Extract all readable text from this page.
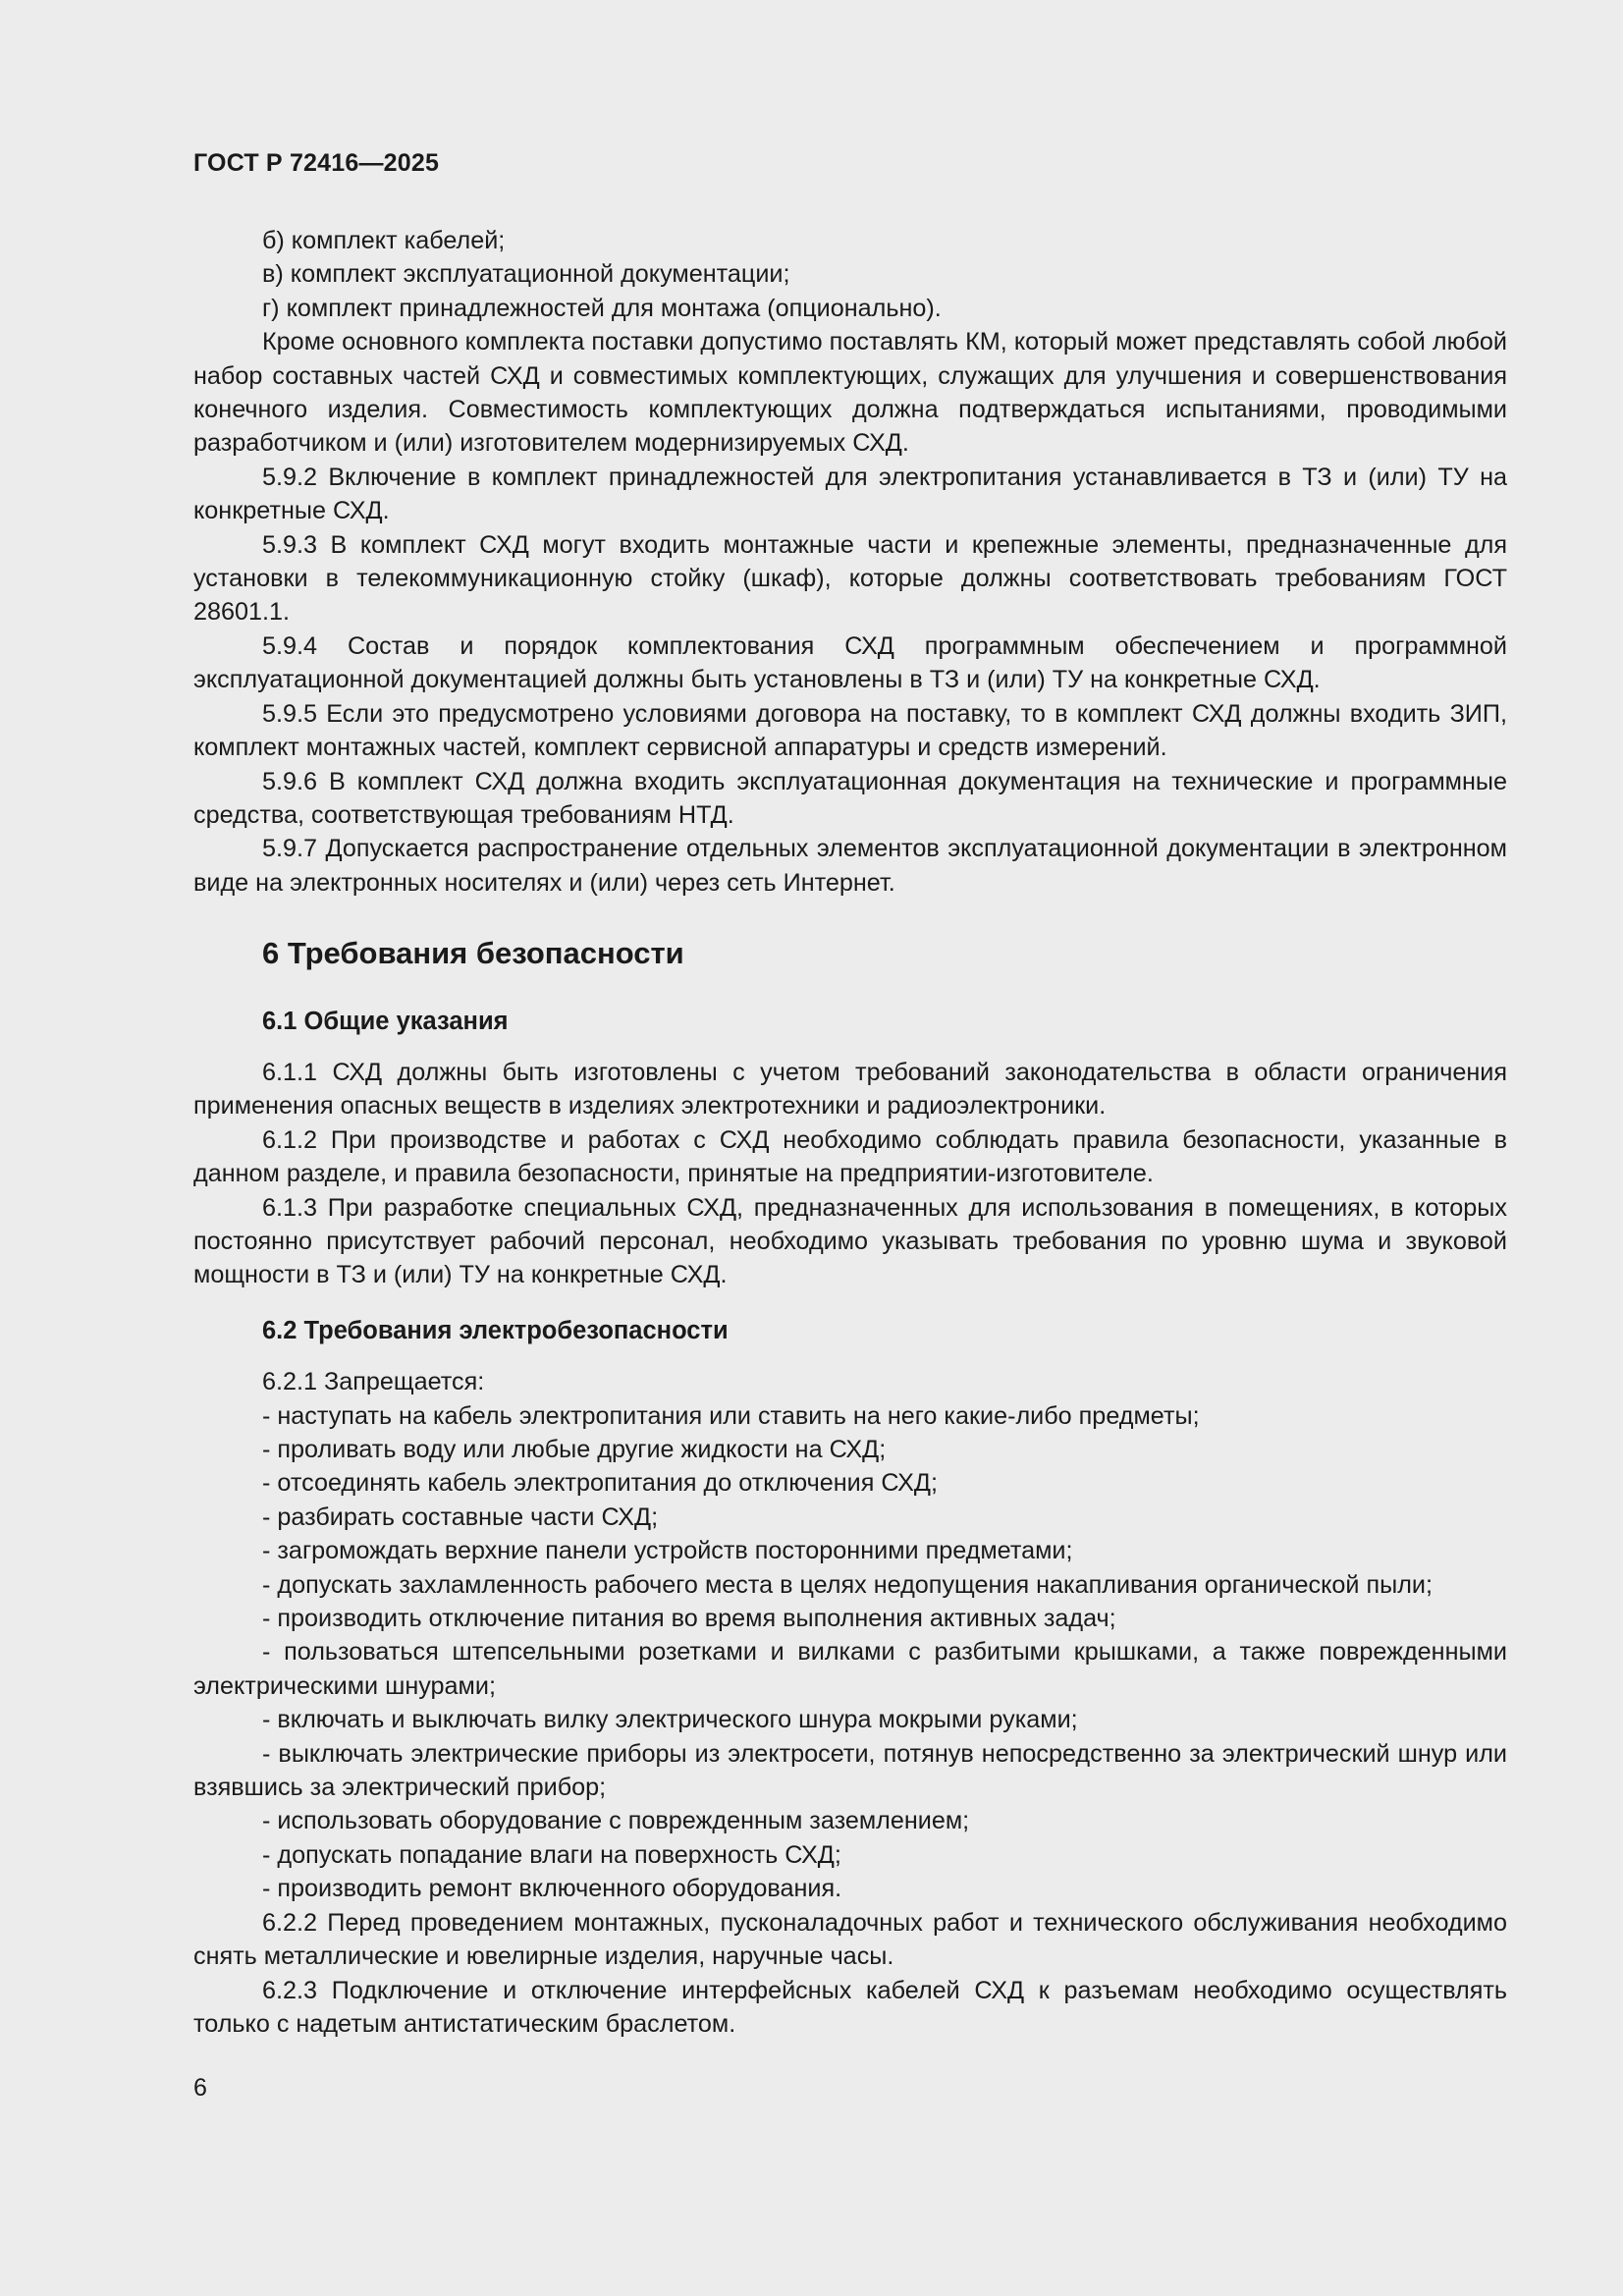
ГОСТ Р 72416—2025

б) комплект кабелей;

в) комплект эксплуатационной документации;

г) комплект принадлежностей для монтажа (опционально).

Кроме основного комплекта поставки допустимо поставлять КМ, который может представлять собой любой набор составных частей СХД и совместимых комплектующих, служащих для улучшения и совершенствования конечного изделия. Совместимость комплектующих должна подтверждаться испытаниями, проводимыми разработчиком и (или) изготовителем модернизируемых СХД.

5.9.2 Включение в комплект принадлежностей для электропитания устанавливается в ТЗ и (или) ТУ на конкретные СХД.

5.9.3 В комплект СХД могут входить монтажные части и крепежные элементы, предназначенные для установки в телекоммуникационную стойку (шкаф), которые должны соответствовать требованиям ГОСТ 28601.1.

5.9.4 Состав и порядок комплектования СХД программным обеспечением и программной эксплуатационной документацией должны быть установлены в ТЗ и (или) ТУ на конкретные СХД.

5.9.5 Если это предусмотрено условиями договора на поставку, то в комплект СХД должны входить ЗИП, комплект монтажных частей, комплект сервисной аппаратуры и средств измерений.

5.9.6 В комплект СХД должна входить эксплуатационная документация на технические и программные средства, соответствующая требованиям НТД.

5.9.7 Допускается распространение отдельных элементов эксплуатационной документации в электронном виде на электронных носителях и (или) через сеть Интернет.

6 Требования безопасности
6.1 Общие указания

6.1.1 СХД должны быть изготовлены с учетом требований законодательства в области ограничения применения опасных веществ в изделиях электротехники и радиоэлектроники.

6.1.2 При производстве и работах с СХД необходимо соблюдать правила безопасности, указанные в данном разделе, и правила безопасности, принятые на предприятии-изготовителе.

6.1.3 При разработке специальных СХД, предназначенных для использования в помещениях, в которых постоянно присутствует рабочий персонал, необходимо указывать требования по уровню шума и звуковой мощности в ТЗ и (или) ТУ на конкретные СХД.

6.2 Требования электробезопасности

6.2.1 Запрещается:

- наступать на кабель электропитания или ставить на него какие-либо предметы;

- проливать воду или любые другие жидкости на СХД;

- отсоединять кабель электропитания до отключения СХД;

- разбирать составные части СХД;

- загромождать верхние панели устройств посторонними предметами;

- допускать захламленность рабочего места в целях недопущения накапливания органической пыли;

- производить отключение питания во время выполнения активных задач;

- пользоваться штепсельными розетками и вилками с разбитыми крышками, а также поврежденными электрическими шнурами;

- включать и выключать вилку электрического шнура мокрыми руками;

- выключать электрические приборы из электросети, потянув непосредственно за электрический шнур или взявшись за электрический прибор;

- использовать оборудование с поврежденным заземлением;

- допускать попадание влаги на поверхность СХД;

- производить ремонт включенного оборудования.

6.2.2 Перед проведением монтажных, пусконаладочных работ и технического обслуживания необходимо снять металлические и ювелирные изделия, наручные часы.

6.2.3 Подключение и отключение интерфейсных кабелей СХД к разъемам необходимо осуществлять только с надетым антистатическим браслетом.

6
